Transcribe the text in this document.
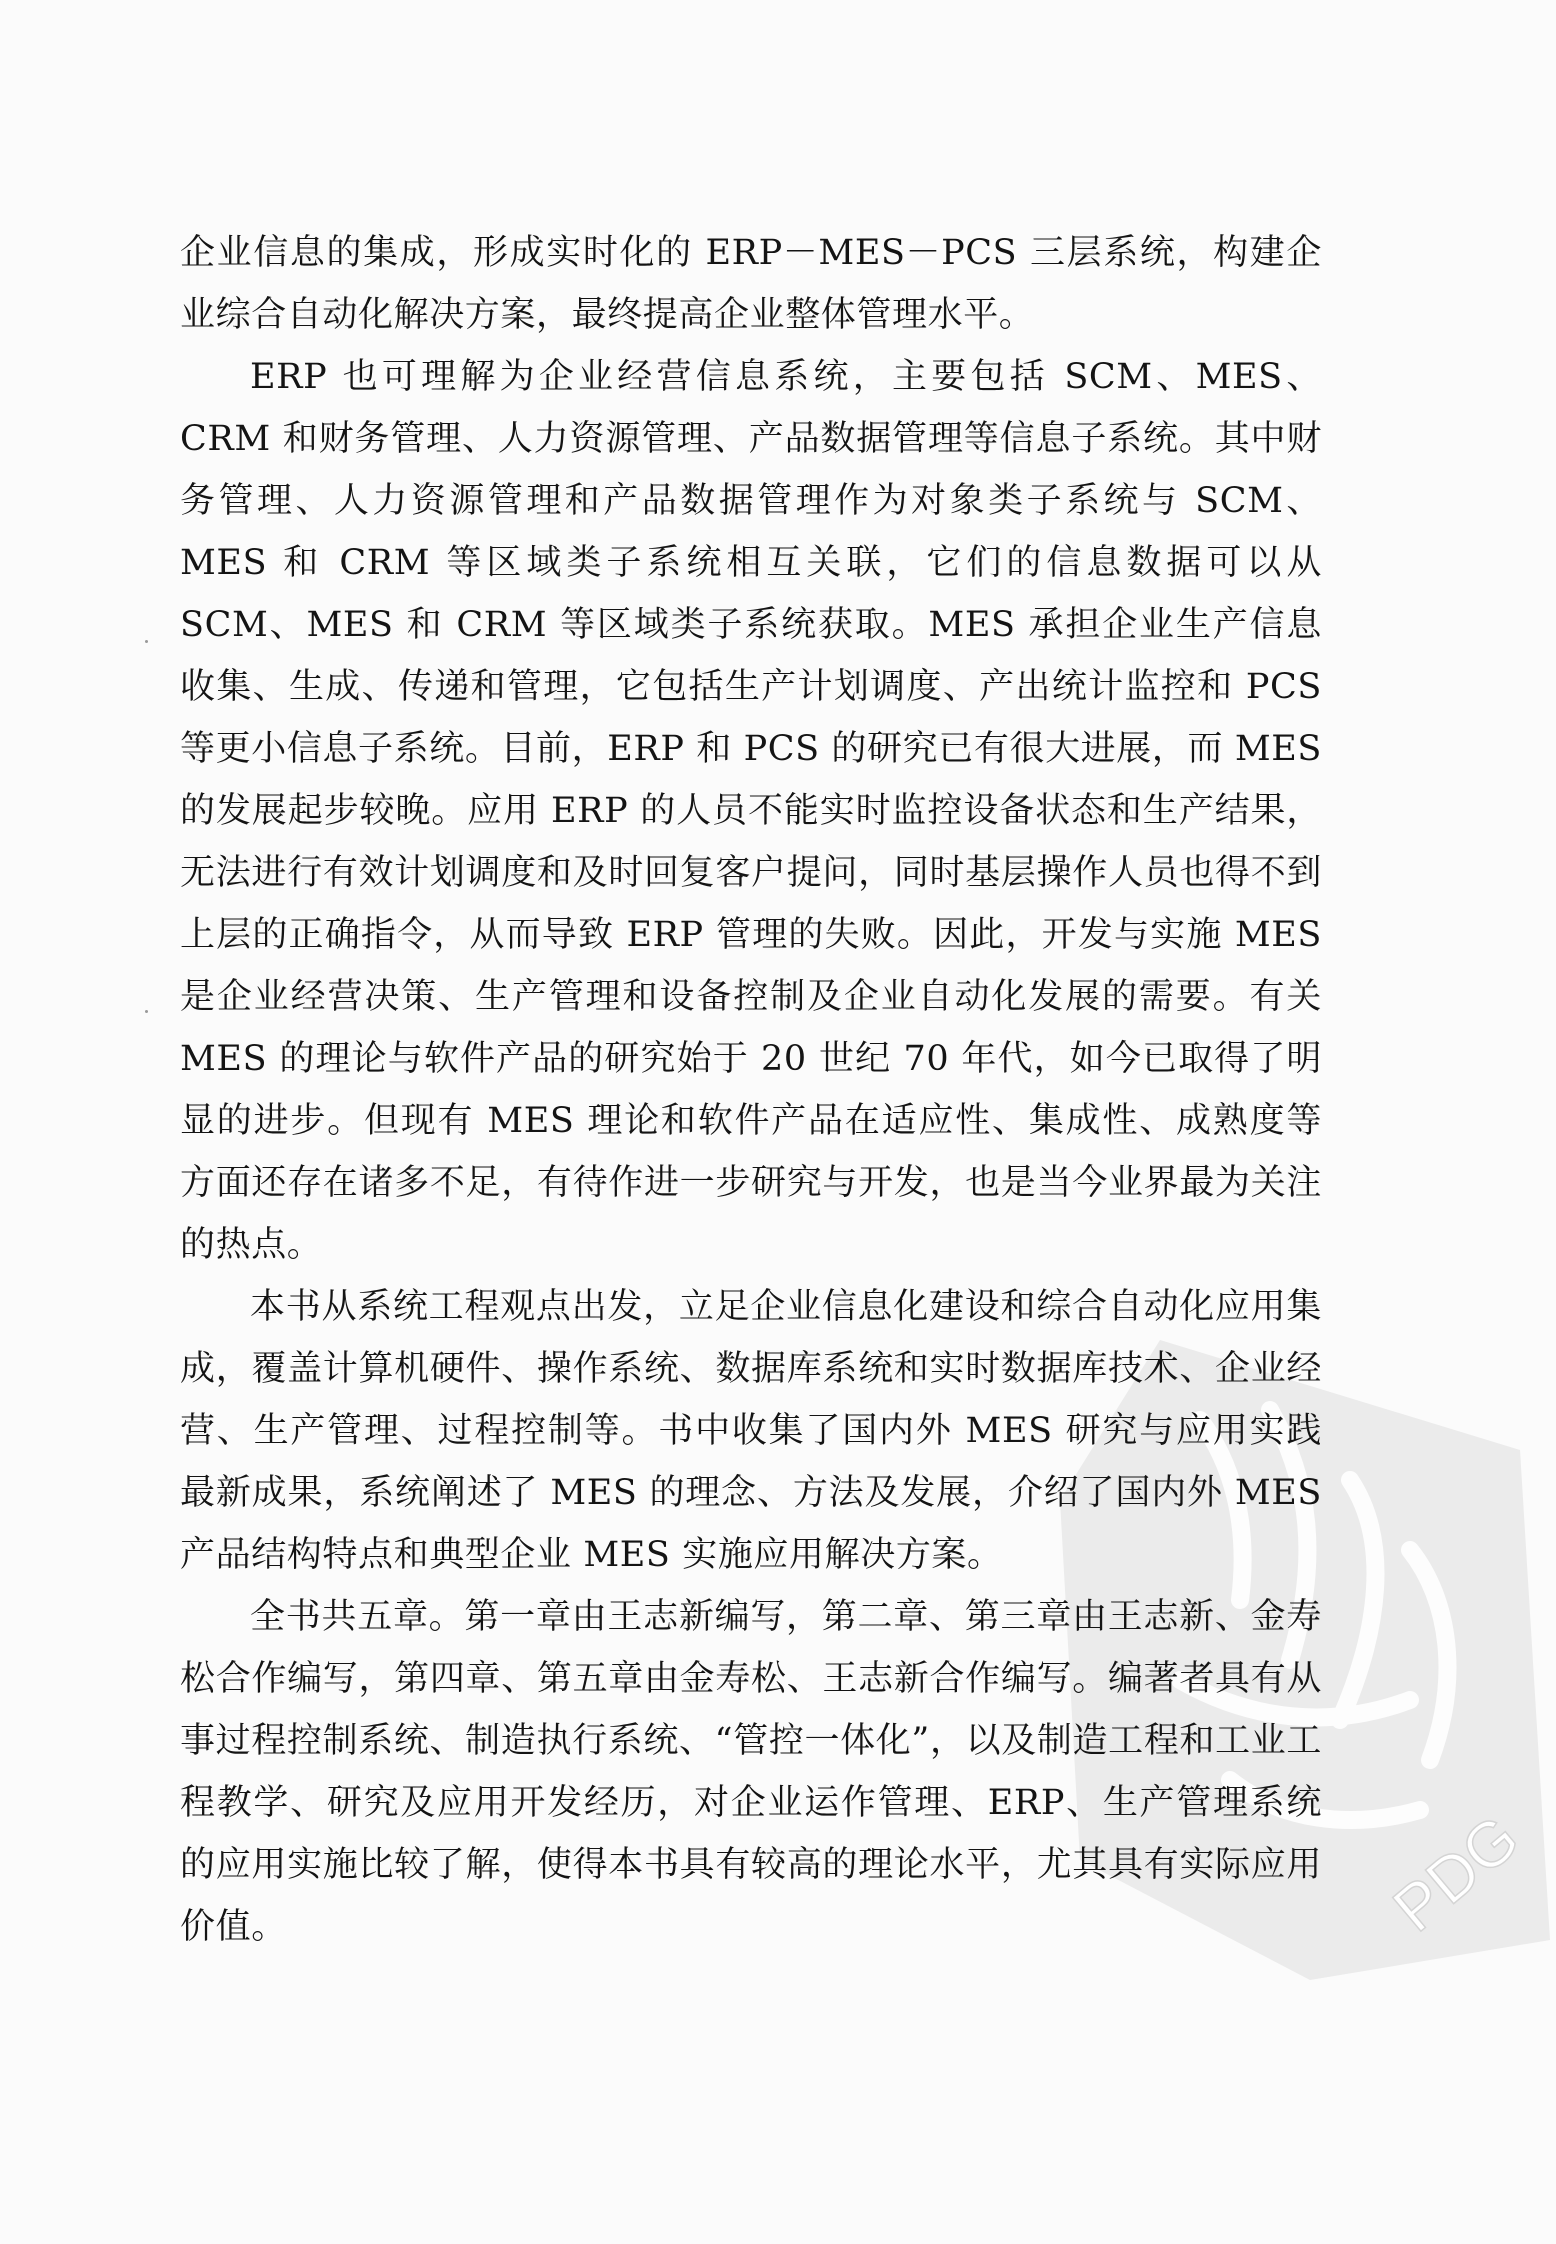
PDG

企业信息的集成，形成实时化的 ERP－MES－PCS 三层系统，构建企业综合自动化解决方案，最终提高企业整体管理水平。

ERP 也可理解为企业经营信息系统，主要包括 SCM、MES、CRM 和财务管理、人力资源管理、产品数据管理等信息子系统。其中财务管理、人力资源管理和产品数据管理作为对象类子系统与 SCM、MES 和 CRM 等区域类子系统相互关联，它们的信息数据可以从 SCM、MES 和 CRM 等区域类子系统获取。MES 承担企业生产信息收集、生成、传递和管理，它包括生产计划调度、产出统计监控和 PCS 等更小信息子系统。目前，ERP 和 PCS 的研究已有很大进展，而 MES 的发展起步较晚。应用 ERP 的人员不能实时监控设备状态和生产结果，无法进行有效计划调度和及时回复客户提问，同时基层操作人员也得不到上层的正确指令，从而导致 ERP 管理的失败。因此，开发与实施 MES 是企业经营决策、生产管理和设备控制及企业自动化发展的需要。有关 MES 的理论与软件产品的研究始于 20 世纪 70 年代，如今已取得了明显的进步。但现有 MES 理论和软件产品在适应性、集成性、成熟度等方面还存在诸多不足，有待作进一步研究与开发，也是当今业界最为关注的热点。

本书从系统工程观点出发，立足企业信息化建设和综合自动化应用集成，覆盖计算机硬件、操作系统、数据库系统和实时数据库技术、企业经营、生产管理、过程控制等。书中收集了国内外 MES 研究与应用实践最新成果，系统阐述了 MES 的理念、方法及发展，介绍了国内外 MES 产品结构特点和典型企业 MES 实施应用解决方案。

全书共五章。第一章由王志新编写，第二章、第三章由王志新、金寿松合作编写，第四章、第五章由金寿松、王志新合作编写。编著者具有从事过程控制系统、制造执行系统、“管控一体化”，以及制造工程和工业工程教学、研究及应用开发经历，对企业运作管理、ERP、生产管理系统的应用实施比较了解，使得本书具有较高的理论水平，尤其具有实际应用价值。
